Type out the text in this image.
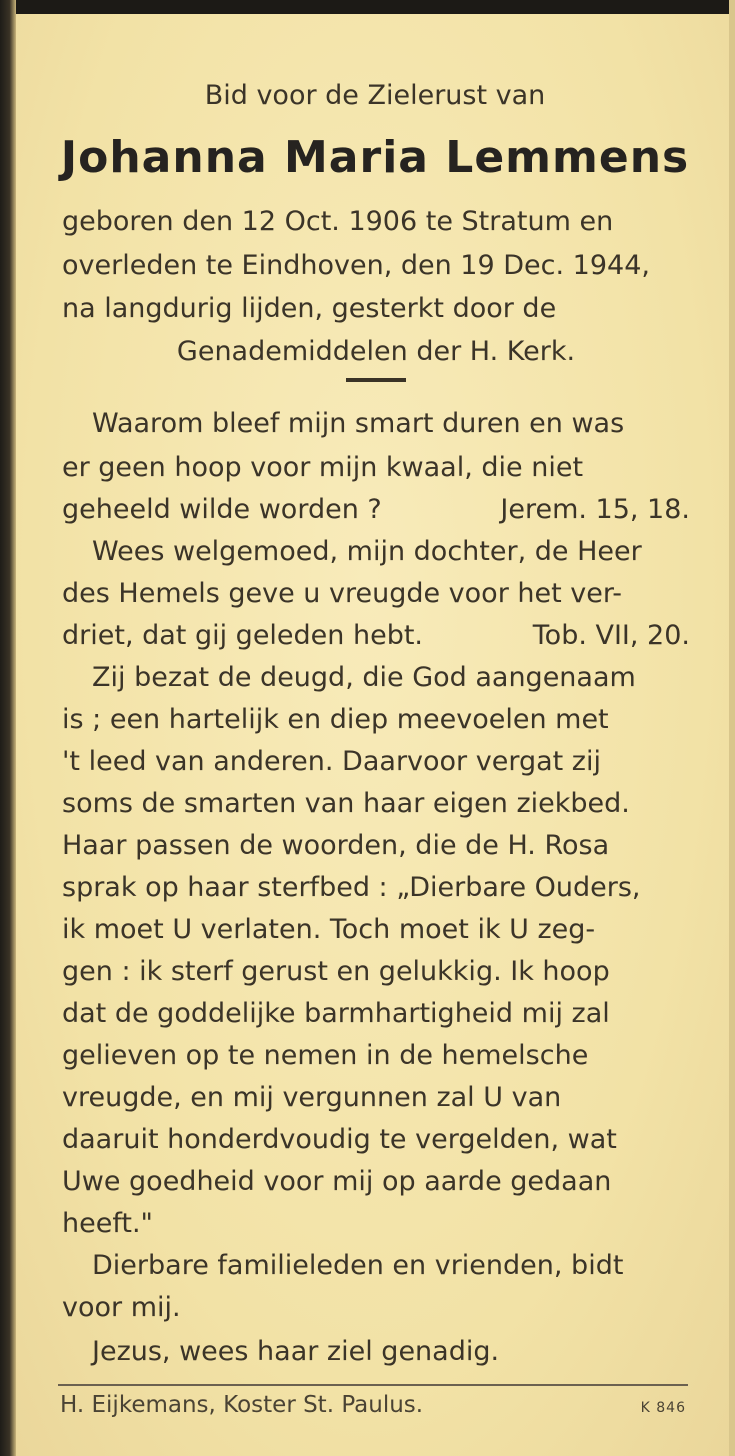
Bid voor de Zielerust van
Johanna Maria Lemmens
geboren den 12 Oct. 1906 te Stratum en
overleden te Eindhoven, den 19 Dec. 1944,
na langdurig lijden, gesterkt door de
Genademiddelen der H. Kerk.
Waarom bleef mijn smart duren en was
er geen hoop voor mijn kwaal, die niet
geheeld wilde worden ?	Jerem. 15, 18.
Wees welgemoed, mijn dochter, de Heer
des Hemels geve u vreugde voor het ver-
driet, dat gij geleden hebt.	Tob. VII, 20.
Zij bezat de deugd, die God aangenaam
is ; een hartelijk en diep meevoelen met
't leed van anderen. Daarvoor vergat zij
soms de smarten van haar eigen ziekbed.
Haar passen de woorden, die de H. Rosa
sprak op haar sterfbed : „Dierbare Ouders,
ik moet U verlaten. Toch moet ik U zeg-
gen : ik sterf gerust en gelukkig. Ik hoop
dat de goddelijke barmhartigheid mij zal
gelieven op te nemen in de hemelsche
vreugde, en mij vergunnen zal U van
daaruit honderdvoudig te vergelden, wat
Uwe goedheid voor mij op aarde gedaan
heeft."
Dierbare familieleden en vrienden, bidt
voor mij.
Jezus, wees haar ziel genadig.
H. Eijkemans, Koster St. Paulus.	K 846
